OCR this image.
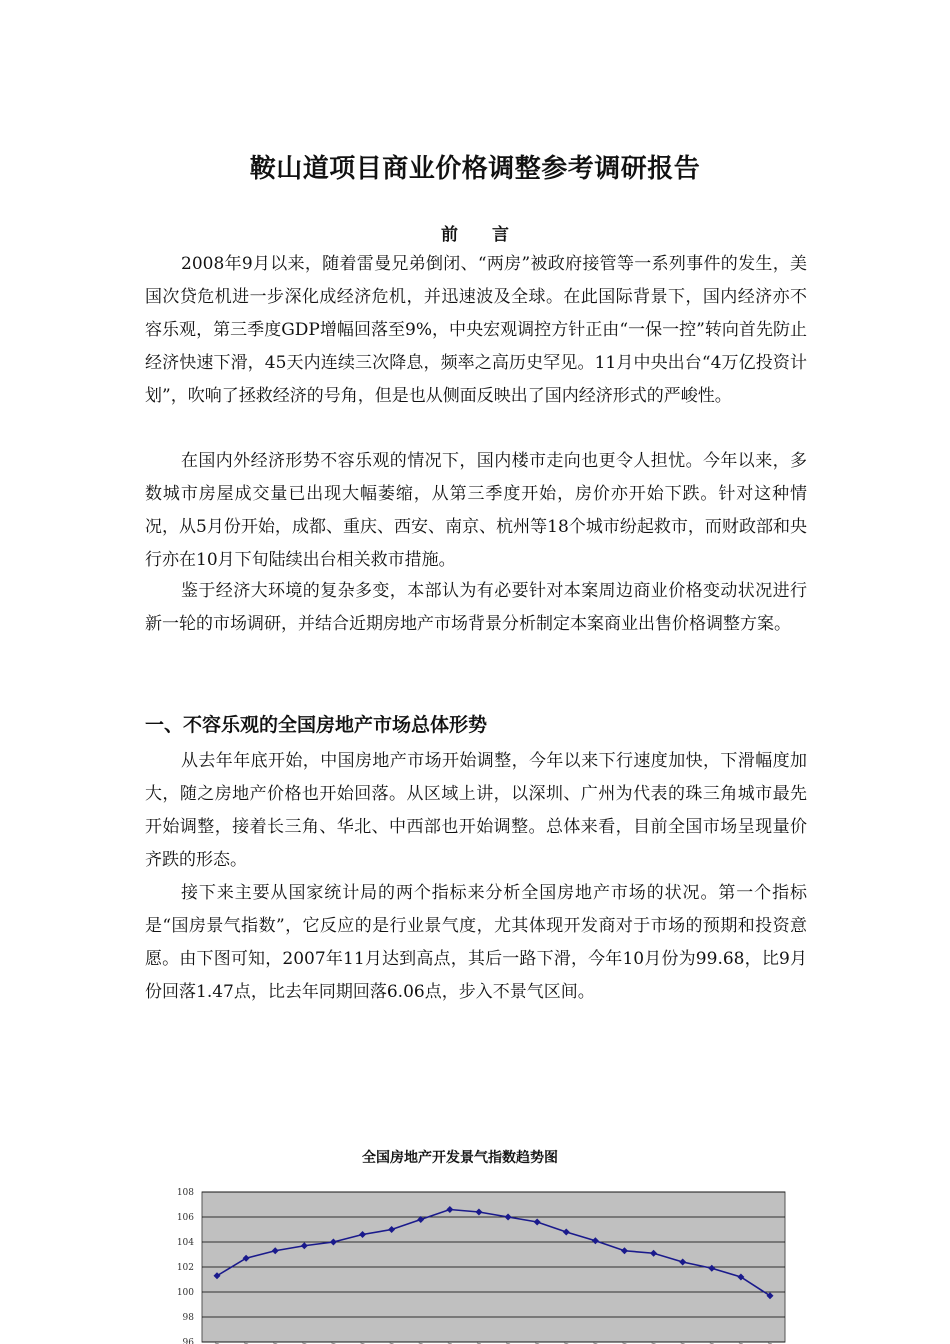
鞍山道项目商业价格调整参考调研报告
前 言

2008年9月以来，随着雷曼兄弟倒闭、“两房”被政府接管等一系列事件的发生，美国次贷危机进一步深化成经济危机，并迅速波及全球。在此国际背景下，国内经济亦不容乐观，第三季度GDP增幅回落至9%，中央宏观调控方针正由“一保一控”转向首先防止经济快速下滑，45天内连续三次降息，频率之高历史罕见。11月中央出台“4万亿投资计划”，吹响了拯救经济的号角，但是也从侧面反映出了国内经济形式的严峻性。

在国内外经济形势不容乐观的情况下，国内楼市走向也更令人担忧。今年以来，多数城市房屋成交量已出现大幅萎缩，从第三季度开始，房价亦开始下跌。针对这种情况，从5月份开始，成都、重庆、西安、南京、杭州等18个城市纷起救市，而财政部和央行亦在10月下旬陆续出台相关救市措施。

鉴于经济大环境的复杂多变，本部认为有必要针对本案周边商业价格变动状况进行新一轮的市场调研，并结合近期房地产市场背景分析制定本案商业出售价格调整方案。

一、不容乐观的全国房地产市场总体形势

从去年年底开始，中国房地产市场开始调整，今年以来下行速度加快，下滑幅度加大，随之房地产价格也开始回落。从区域上讲，以深圳、广州为代表的珠三角城市最先开始调整，接着长三角、华北、中西部也开始调整。总体来看，目前全国市场呈现量价齐跌的形态。

接下来主要从国家统计局的两个指标来分析全国房地产市场的状况。第一个指标是“国房景气指数”，它反应的是行业景气度，尤其体现开发商对于市场的预期和投资意愿。由下图可知，2007年11月达到高点，其后一路下滑，今年10月份为99.68，比9月份回落1.47点，比去年同期回落6.06点，步入不景气区间。

全国房地产开发景气指数趋势图
108
106
104
102
100
98
96
